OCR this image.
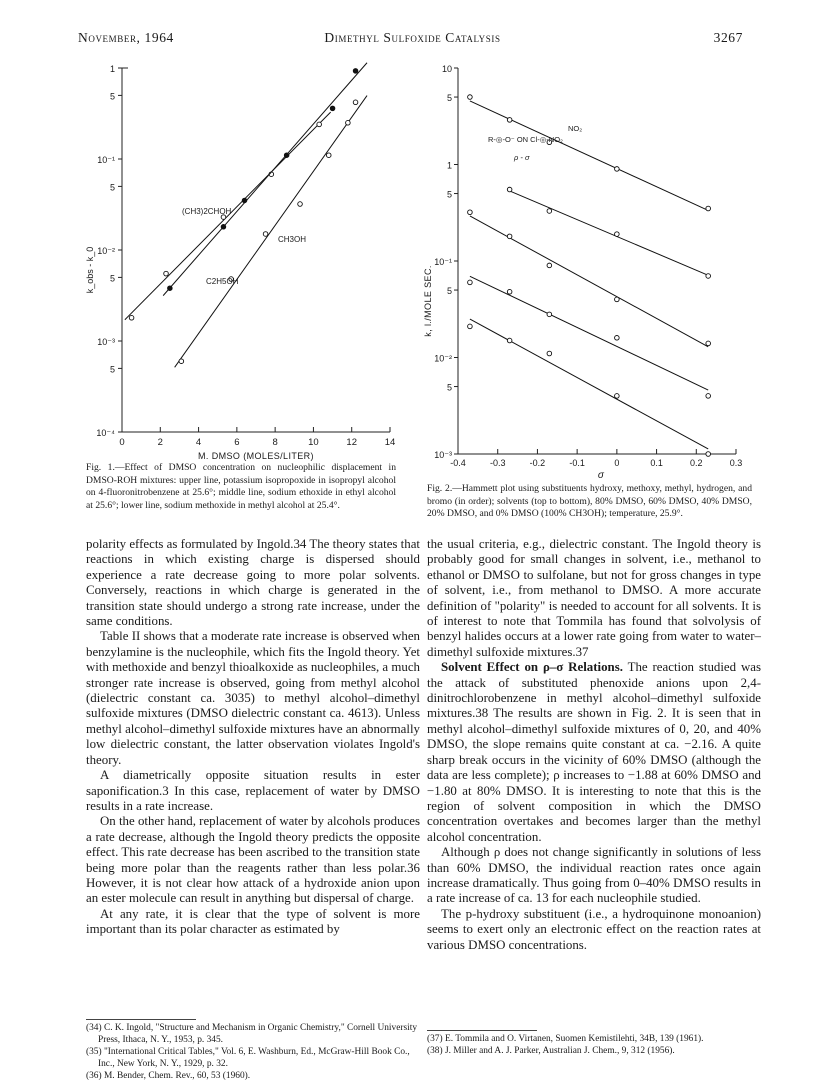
November, 1964	Dimethyl Sulfoxide Catalysis	3267
1
5
10⁻¹
5
10⁻²
5
10⁻³
5
10⁻⁴
0	2	4	6	8	10	12	14
M. DMSO (MOLES/LITER)
k_obs - k_0
(CH3)2CHOH
CH3OH
C2H5OH
Fig. 1.—Effect of DMSO concentration on nucleophilic displacement in DMSO-ROH mixtures: upper line, potassium isopropoxide in isopropyl alcohol on 4-fluoronitrobenzene at 25.6°; middle line, sodium ethoxide in ethyl alcohol at 25.6°; lower line, sodium methoxide in methyl alcohol at 25.4°.
10
5
1
5
10⁻¹
5
10⁻²
5
10⁻³
-0.4	-0.3	-0.2	-0.1	0	0.1	0.2	0.3
σ
k, l./MOLE SEC.
NO₂
R-◎-O⁻ ON Cl-◎-NO₂
ρ - σ
Fig. 2.—Hammett plot using substituents hydroxy, methoxy, methyl, hydrogen, and bromo (in order); solvents (top to bottom), 80% DMSO, 60% DMSO, 40% DMSO, 20% DMSO, and 0% DMSO (100% CH3OH); temperature, 25.9°.

polarity effects as formulated by Ingold.34 The theory states that reactions in which existing charge is dispersed should experience a rate decrease going to more polar solvents. Conversely, reactions in which charge is generated in the transition state should undergo a strong rate increase, under the same conditions.

Table II shows that a moderate rate increase is observed when benzylamine is the nucleophile, which fits the Ingold theory. Yet with methoxide and benzyl thioalkoxide as nucleophiles, a much stronger rate increase is observed, going from methyl alcohol (dielectric constant ca. 3035) to methyl alcohol–dimethyl sulfoxide mixtures (DMSO dielectric constant ca. 4613). Unless methyl alcohol–dimethyl sulfoxide mixtures have an abnormally low dielectric constant, the latter observation violates Ingold's theory.

A diametrically opposite situation results in ester saponification.3 In this case, replacement of water by DMSO results in a rate increase.

On the other hand, replacement of water by alcohols produces a rate decrease, although the Ingold theory predicts the opposite effect. This rate decrease has been ascribed to the transition state being more polar than the reagents rather than less polar.36 However, it is not clear how attack of a hydroxide anion upon an ester molecule can result in anything but dispersal of charge.

At any rate, it is clear that the type of solvent is more important than its polar character as estimated by

the usual criteria, e.g., dielectric constant. The Ingold theory is probably good for small changes in solvent, i.e., methanol to ethanol or DMSO to sulfolane, but not for gross changes in type of solvent, i.e., from methanol to DMSO. A more accurate definition of "polarity" is needed to account for all solvents. It is of interest to note that Tommila has found that solvolysis of benzyl halides occurs at a lower rate going from water to water–dimethyl sulfoxide mixtures.37

Solvent Effect on ρ–σ Relations. The reaction studied was the attack of substituted phenoxide anions upon 2,4-dinitrochlorobenzene in methyl alcohol–dimethyl sulfoxide mixtures.38 The results are shown in Fig. 2. It is seen that in methyl alcohol–dimethyl sulfoxide mixtures of 0, 20, and 40% DMSO, the slope remains quite constant at ca. −2.16. A quite sharp break occurs in the vicinity of 60% DMSO (although the data are less complete); ρ increases to −1.88 at 60% DMSO and −1.80 at 80% DMSO. It is interesting to note that this is the region of solvent composition in which the DMSO concentration overtakes and becomes larger than the methyl alcohol concentration.

Although ρ does not change significantly in solutions of less than 60% DMSO, the individual reaction rates once again increase dramatically. Thus going from 0–40% DMSO results in a rate increase of ca. 13 for each nucleophile studied.

The p-hydroxy substituent (i.e., a hydroquinone monoanion) seems to exert only an electronic effect on the reaction rates at various DMSO concentrations.

(34) C. K. Ingold, "Structure and Mechanism in Organic Chemistry," Cornell University Press, Ithaca, N. Y., 1953, p. 345.

(35) "International Critical Tables," Vol. 6, E. Washburn, Ed., McGraw-Hill Book Co., Inc., New York, N. Y., 1929, p. 32.

(36) M. Bender, Chem. Rev., 60, 53 (1960).

(37) E. Tommila and O. Virtanen, Suomen Kemistilehti, 34B, 139 (1961).

(38) J. Miller and A. J. Parker, Australian J. Chem., 9, 312 (1956).
